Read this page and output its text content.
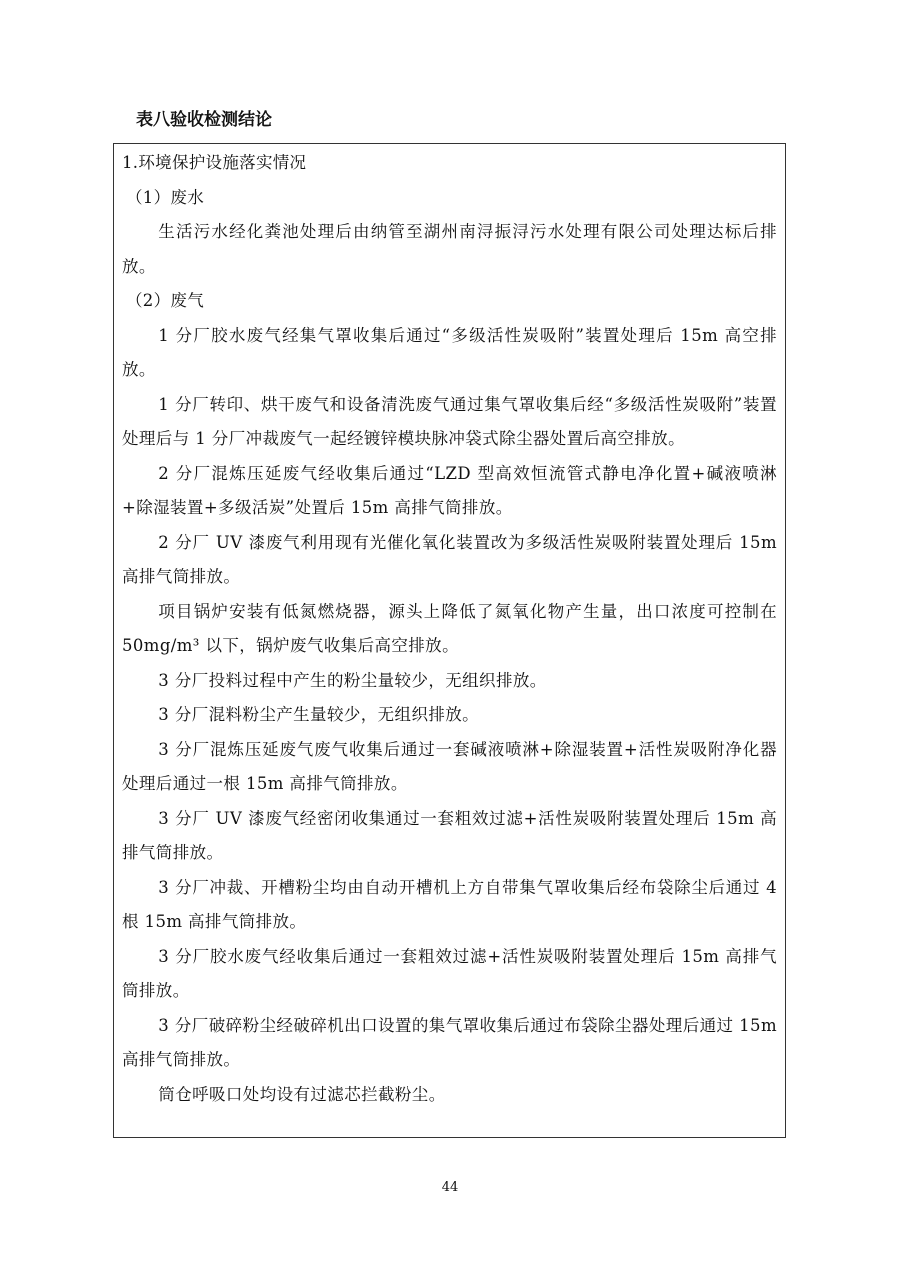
表八验收检测结论

1.环境保护设施落实情况

（1）废水

生活污水经化粪池处理后由纳管至湖州南浔振浔污水处理有限公司处理达标后排放。

（2）废气

1 分厂胶水废气经集气罩收集后通过“多级活性炭吸附”装置处理后 15m 高空排放。

1 分厂转印、烘干废气和设备清洗废气通过集气罩收集后经“多级活性炭吸附”装置处理后与 1 分厂冲裁废气一起经镀锌模块脉冲袋式除尘器处置后高空排放。

2 分厂混炼压延废气经收集后通过“LZD 型高效恒流管式静电净化置+碱液喷淋+除湿装置+多级活炭”处置后 15m 高排气筒排放。

2 分厂 UV 漆废气利用现有光催化氧化装置改为多级活性炭吸附装置处理后 15m 高排气筒排放。

项目锅炉安装有低氮燃烧器，源头上降低了氮氧化物产生量，出口浓度可控制在 50mg/m³ 以下，锅炉废气收集后高空排放。

3 分厂投料过程中产生的粉尘量较少，无组织排放。

3 分厂混料粉尘产生量较少，无组织排放。

3 分厂混炼压延废气废气收集后通过一套碱液喷淋+除湿装置+活性炭吸附净化器处理后通过一根 15m 高排气筒排放。

3 分厂 UV 漆废气经密闭收集通过一套粗效过滤+活性炭吸附装置处理后 15m 高排气筒排放。

3 分厂冲裁、开槽粉尘均由自动开槽机上方自带集气罩收集后经布袋除尘后通过 4 根 15m 高排气筒排放。

3 分厂胶水废气经收集后通过一套粗效过滤+活性炭吸附装置处理后 15m 高排气筒排放。

3 分厂破碎粉尘经破碎机出口设置的集气罩收集后通过布袋除尘器处理后通过 15m 高排气筒排放。

筒仓呼吸口处均设有过滤芯拦截粉尘。

44
